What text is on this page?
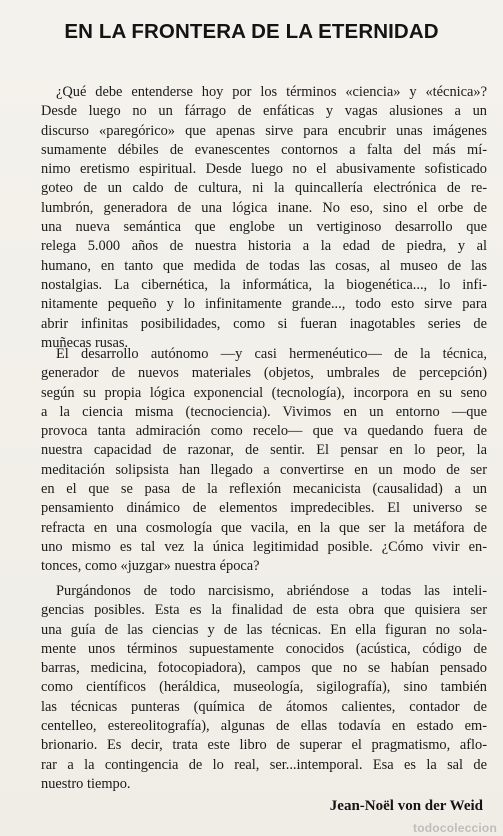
EN LA FRONTERA DE LA ETERNIDAD
¿Qué debe entenderse hoy por los términos «ciencia» y «técnica»?
Desde luego no un fárrago de enfáticas y vagas alusiones a un
discurso «paregórico» que apenas sirve para encubrir unas imágenes
sumamente débiles de evanescentes contornos a falta del más mí-
nimo eretismo espiritual. Desde luego no el abusivamente sofisticado
goteo de un caldo de cultura, ni la quincallería electrónica de re-
lumbrón, generadora de una lógica inane. No eso, sino el orbe de
una nueva semántica que englobe un vertiginoso desarrollo que
relega 5.000 años de nuestra historia a la edad de piedra, y al
humano, en tanto que medida de todas las cosas, al museo de las
nostalgias. La cibernética, la informática, la biogenética..., lo infi-
nitamente pequeño y lo infinitamente grande..., todo esto sirve para
abrir infinitas posibilidades, como si fueran inagotables series de
muñecas rusas.
El desarrollo autónomo —y casi hermenéutico— de la técnica,
generador de nuevos materiales (objetos, umbrales de percepción)
según su propia lógica exponencial (tecnología), incorpora en su seno
a la ciencia misma (tecnociencia). Vivimos en un entorno —que
provoca tanta admiración como recelo— que va quedando fuera de
nuestra capacidad de razonar, de sentir. El pensar en lo peor, la
meditación solipsista han llegado a convertirse en un modo de ser
en el que se pasa de la reflexión mecanicista (causalidad) a un
pensamiento dinámico de elementos impredecibles. El universo se
refracta en una cosmología que vacila, en la que ser la metáfora de
uno mismo es tal vez la única legitimidad posible. ¿Cómo vivir en-
tonces, como «juzgar» nuestra época?
Purgándonos de todo narcisismo, abriéndose a todas las inteli-
gencias posibles. Esta es la finalidad de esta obra que quisiera ser
una guía de las ciencias y de las técnicas. En ella figuran no sola-
mente unos términos supuestamente conocidos (acústica, código de
barras, medicina, fotocopiadora), campos que no se habían pensado
como científicos (heráldica, museología, sigilografía), sino también
las técnicas punteras (química de átomos calientes, contador de
centelleo, estereolitografía), algunas de ellas todavía en estado em-
brionario. Es decir, trata este libro de superar el pragmatismo, aflo-
rar a la contingencia de lo real, ser...intemporal. Esa es la sal de
nuestro tiempo.
Jean-Noël von der Weid
todocoleccion
